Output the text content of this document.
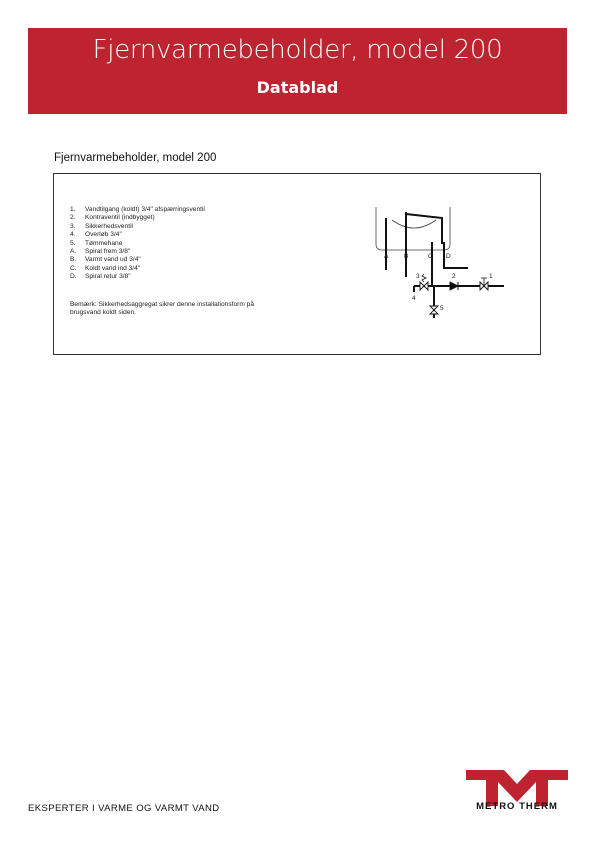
Fjernvarmebeholder, model 200
Datablad
Fjernvarmebeholder, model 200
1.	Vandtilgang (koldt) 3/4" afspærringsventil
2.	Kontraventil (indbygget)
3.	Sikkerhedsventil
4.	Overløb 3/4"
5.	Tømmehane
A.	Spiral frem 3/8"
B.	Varmt vand ud 3/4"
C.	Koldt vand ind 3/4"
D.	Spiral retur 3/8"
Bemærk: Sikkerhedsaggregat sikrer denne installationsform på brugsvand koldt siden.
A B	C D
1
2
3
4
5
EKSPERTER I VARME OG VARMT VAND	METRO THERM
